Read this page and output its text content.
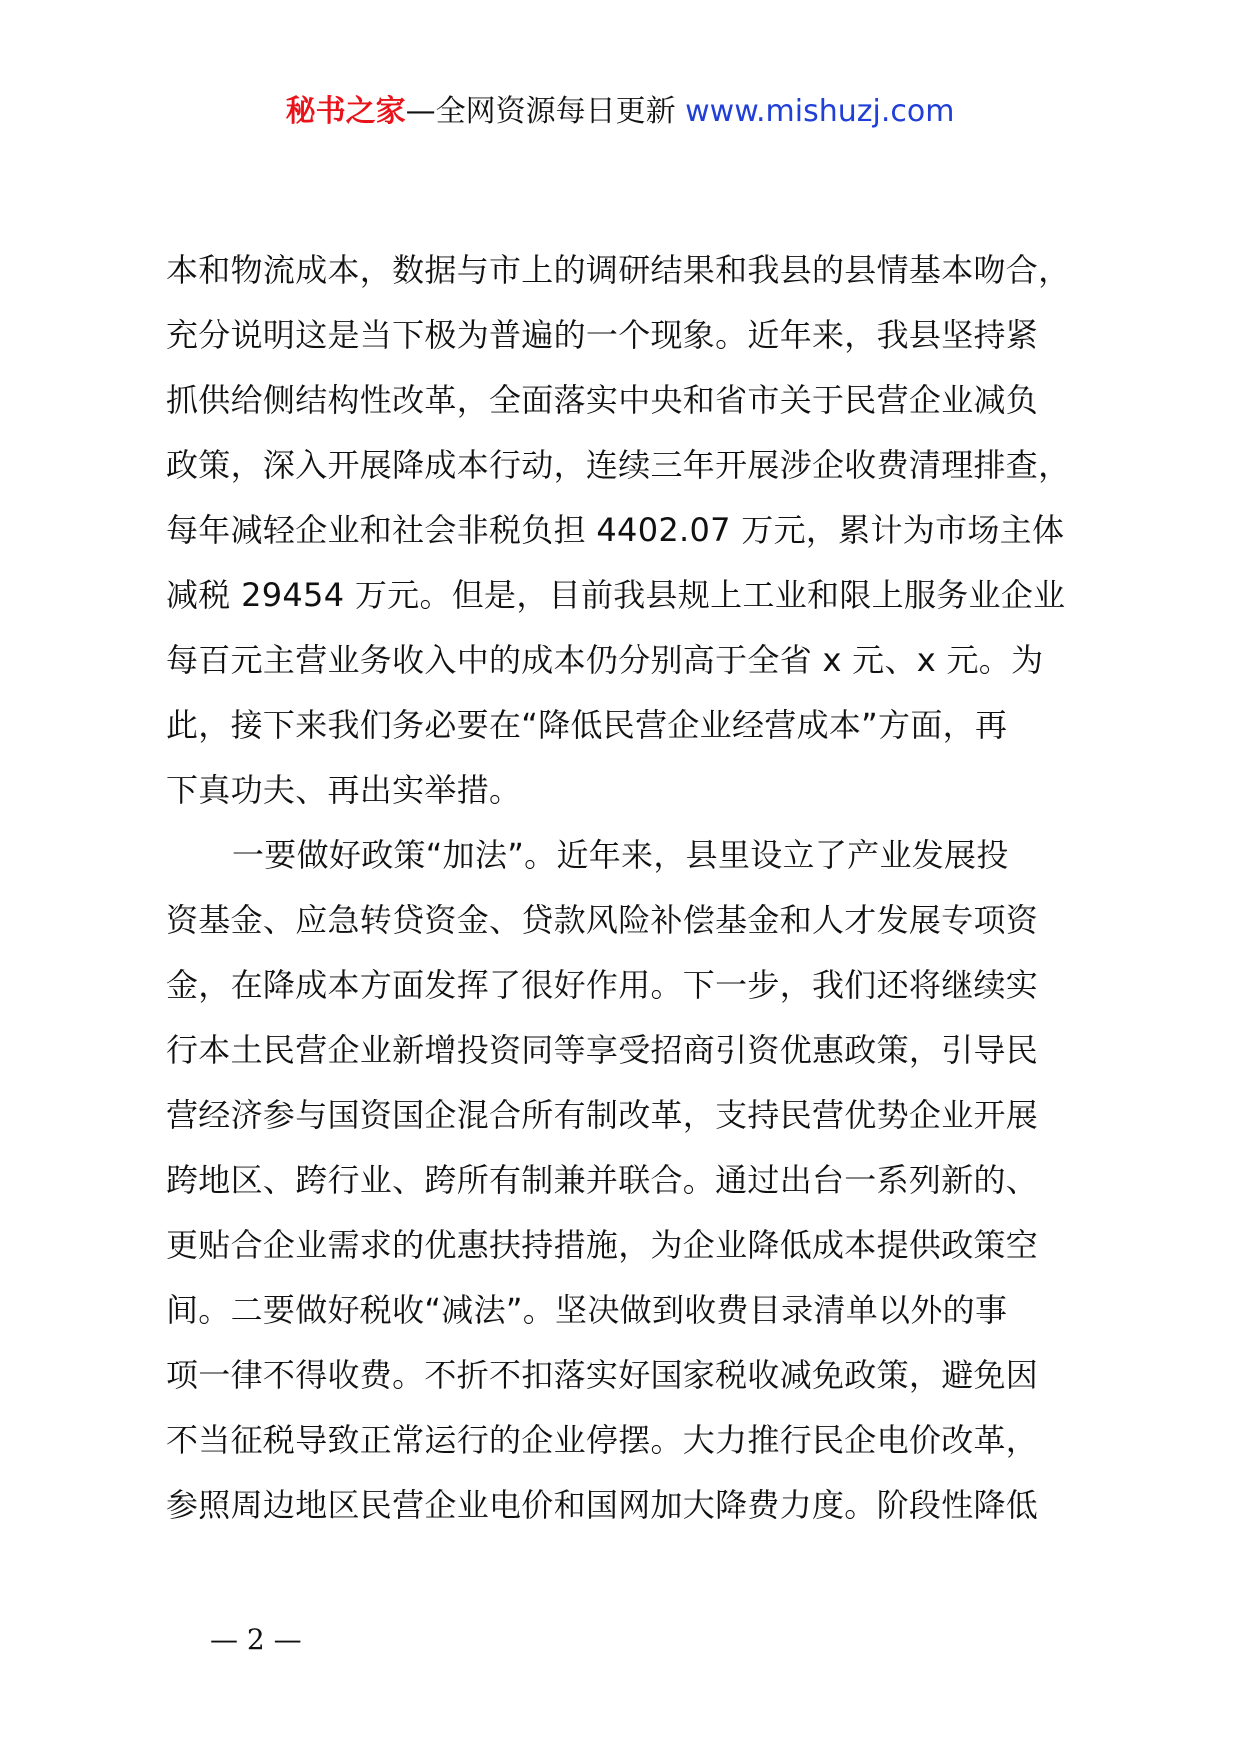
秘书之家—全网资源每日更新 www.mishuzj.com
本和物流成本，数据与市上的调研结果和我县的县情基本吻合，
充分说明这是当下极为普遍的一个现象。近年来，我县坚持紧
抓供给侧结构性改革，全面落实中央和省市关于民营企业减负
政策，深入开展降成本行动，连续三年开展涉企收费清理排查，
每年减轻企业和社会非税负担 4402.07 万元，累计为市场主体
减税 29454 万元。但是，目前我县规上工业和限上服务业企业
每百元主营业务收入中的成本仍分别高于全省 x 元、x 元。为
此，接下来我们务必要在“降低民营企业经营成本”方面，再
下真功夫、再出实举措。
一要做好政策“加法”。近年来，县里设立了产业发展投
资基金、应急转贷资金、贷款风险补偿基金和人才发展专项资
金，在降成本方面发挥了很好作用。下一步，我们还将继续实
行本土民营企业新增投资同等享受招商引资优惠政策，引导民
营经济参与国资国企混合所有制改革，支持民营优势企业开展
跨地区、跨行业、跨所有制兼并联合。通过出台一系列新的、
更贴合企业需求的优惠扶持措施，为企业降低成本提供政策空
间。二要做好税收“减法”。坚决做到收费目录清单以外的事
项一律不得收费。不折不扣落实好国家税收减免政策，避免因
不当征税导致正常运行的企业停摆。大力推行民企电价改革，
参照周边地区民营企业电价和国网加大降费力度。阶段性降低
— 2 —
